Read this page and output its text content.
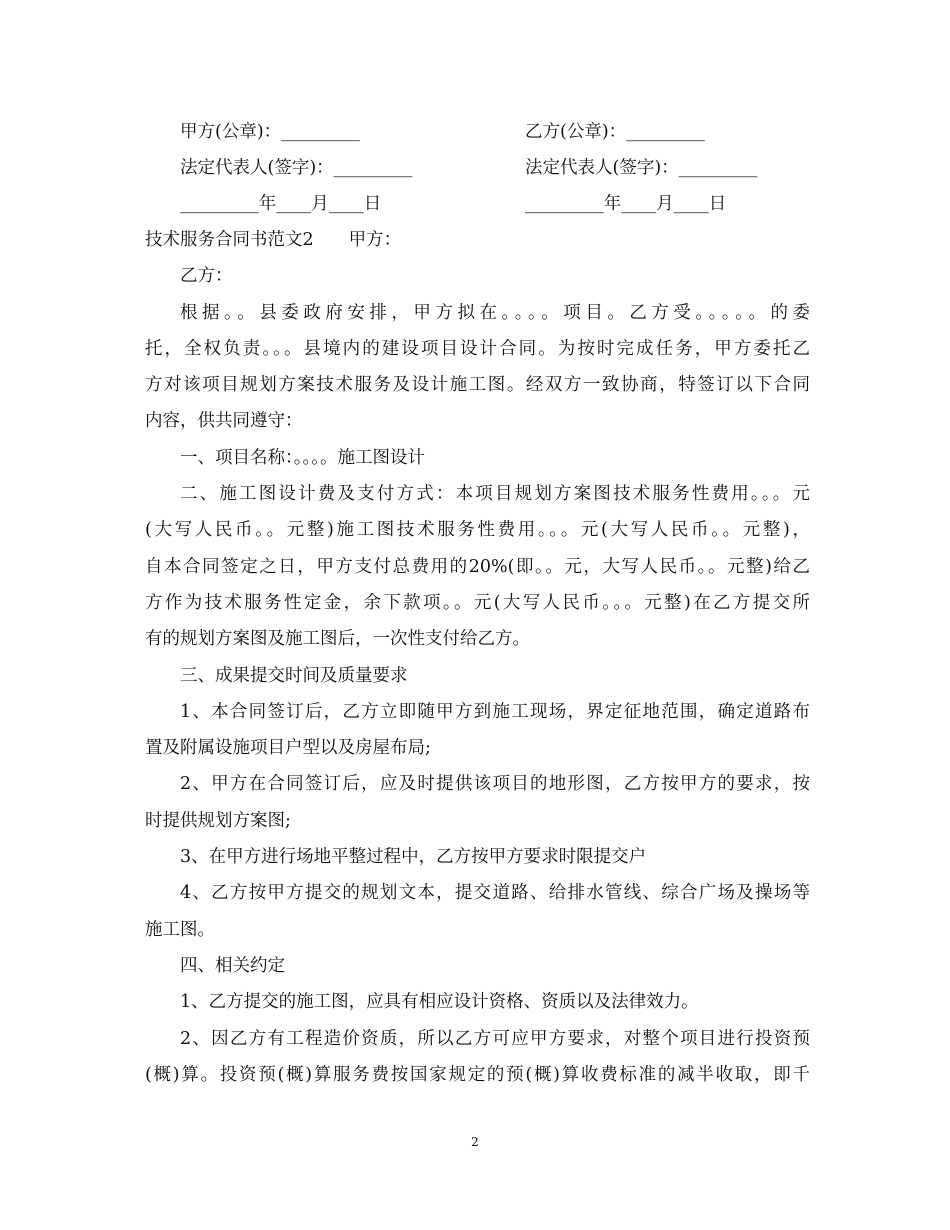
甲方(公章)：_________	乙方(公章)：_________
法定代表人(签字)：_________	法定代表人(签字)：_________
_________年____月____日	_________年____月____日
技术服务合同书范文2　　甲方：
乙方：
根据。。县委政府安排，甲方拟在。。。。项目。乙方受。。。。。的委
托，全权负责。。。县境内的建设项目设计合同。为按时完成任务，甲方委托乙
方对该项目规划方案技术服务及设计施工图。经双方一致协商，特签订以下合同
内容，供共同遵守：
一、项目名称：。。。。施工图设计
二、施工图设计费及支付方式：本项目规划方案图技术服务性费用。。。元
(大写人民币。。元整)施工图技术服务性费用。。。元(大写人民币。。元整)，
自本合同签定之日，甲方支付总费用的20%(即。。元，大写人民币。。元整)给乙
方作为技术服务性定金，余下款项。。元(大写人民币。。。元整)在乙方提交所
有的规划方案图及施工图后，一次性支付给乙方。
三、成果提交时间及质量要求
1、本合同签订后，乙方立即随甲方到施工现场，界定征地范围，确定道路布
置及附属设施项目户型以及房屋布局;
2、甲方在合同签订后，应及时提供该项目的地形图，乙方按甲方的要求，按
时提供规划方案图;
3、在甲方进行场地平整过程中，乙方按甲方要求时限提交户
4、乙方按甲方提交的规划文本，提交道路、给排水管线、综合广场及操场等
施工图。
四、相关约定
1、乙方提交的施工图，应具有相应设计资格、资质以及法律效力。
2、因乙方有工程造价资质，所以乙方可应甲方要求，对整个项目进行投资预
(概)算。投资预(概)算服务费按国家规定的预(概)算收费标准的减半收取，即千
2
